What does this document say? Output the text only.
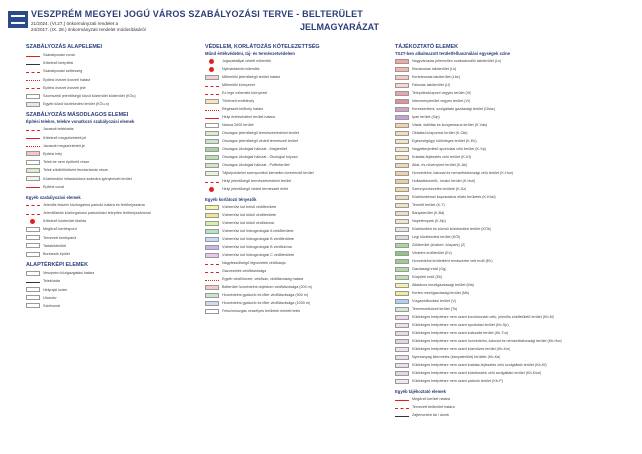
VESZPRÉM MEGYEI JOGÚ VÁROS SZABÁLYOZÁSI TERVE - BELTERÜLET
21/2024. (VI.27.) önkormányzati rendelet a
24/2017. (IX. 28.) önkormányzati rendelet módosításáról	JELMAGYARÁZAT
SZABÁLYOZÁS ALAPELEMEI
Szabályozási vonal
Kötelező beépítési
Szabályozási szélesség
Építési övezet övezeti határa
Építési övezet övezeti jele
Szomszédi jelentőségű közút közterület közterület (KÖu)
Egyéb közút közlekedési terület (KÖu-n)
SZABÁLYOZÁS MÁSODLAGOS ELEMEI
Építési telekre, telekre vonatkozó szabályozási elemek
Javasolt telekhatár
Kötelező megszüntetett jel
Javasolt megszüntetett jel
Építési hely
Telek be nem építhető része
Telek zöldfelületként fenntartandó része
Közlekedési infrastruktúra számára igénybevett terület
Építési vonal
Egyéb szabályozási elemek
Jelenlős felszíni közforgalmú parkoló határa és férőhelyszáma
Jelentlősebb közforgalomú parkolóházi telepítés férőhelyszámmal
Kötelező közterület fásítás
Megőrző kerítéspont
Tervezett kerékpárút
Tartalékterület
Bontandó épület
ALAPTÉRKÉPI ELEMEK
Veszprém közigazgatási határa
Telekhatár
Helyrajzi szám
Utcanév
Szintvonal
VÉDELEM, KORLÁTOZÁS KÖTELEZETTSÉG
Műnd értékvédelmi, táj- és természetvédelem
Jogszabállyal védett műemlék
Nyilvántartott műemlék
Műemléki jelentőségű terület határa
Műemléki környezet
Ex lege műemlék környezet
Történeti emlékhely
Régészeti lelőhely határa
Helyi értékvédelmi terület határa
Natura 2000 terület
Országos jelentőségű természetvédelmi terület
Országos jelentőségű védett természeti terület
Országos ökológiai hálózat - Magterület
Országos ökológiai hálózat - Ökológiai folyosó
Országos ökológiai hálózat - Pufferterület
Tájképvédelmi szempontból kiemelten kezelendő terület
Helyi jelentőségű természetvédelmi terület
Helyi jelentőségű védett természeti érték
Egyéb korlátozó tényezők
Vízbeművi kút belső védőterülete
Vízbeművi kút külső védőterülete
Vízbeművi kút külső védőidoma
Vízbeművi kút hidrogeológiai A védőterülete
Vízbeművi kút hidrogeológiai B védőterülete
Vízbeművi kút hidrogeológiai B védőidoma
Vízbeművi kút hidrogeológiai C védőterülete
Nagyfeszültségű légvezeték védősávja
Gázvezeték védőtávolsága
Egyéb védőövezet, védősáv, védőtávolság határa
Belterület honvédelmi objektum védőtávolsága (200 m)
Honvédelmi gyakorló és lőtér védőtávolsága (500 m)
Honvédelmi gyakorló és lőtér védőtávolsága (1000 m)
Felszínmozgás veszélyes területek érintett telek
TÁJÉKOZTATÓ ELEMEK
TSZT-ben alkalmazott területfelhasználási egységek színe
Nagyvárosias jellemzően szabadonálló lakóterület (Ln)
Kisvárosias lakóterület (Lk)
Kertvárosias lakóterület (Lke)
Falusias lakóterület (Lf)
Településközpont vegyes terület (Vt)
Intézményterület vegyes terület (Vi)
Kereskedelmi, szolgáltató gazdasági terület (Gksz)
Ipari terület (Gip)
Vásár, kiállítás és kongresszus terület (K-Vás)
Oktatási központok terület (K-Okt)
Egészségügyi különleges terület (K-Eü)
Nagykiterjedésű sportolási célú terület (K-Sp)
Kutatás-fejlesztés célú terület (K-Kf)
Állat- és növénykert terület (K-Ák)
Honvédelmi, katonai és nemzetbiztonsági célú terület (K-Hon)
Hulladékkezelő-, lerakó terület (K-Hull)
Szennyvízkezelés területe (K-Sz)
Közlekedéssel kapcsolatos ellátó területek (K-Közl)
Temető terület (K-T)
Bányaterület (K-Bá)
Napelempark (K-Np)
Közlekedési és közmű közlekedési terület (KÖk)
Légi közlekedési terület (KÖl)
Zöldterület (közkert, közpark) (Z)
Védelmi erdőterület (Ev)
Honvédelmi területként rendszerbe vett erdő (Eh)
Gazdasági erdő (Gg)
Közjóléti erdő (Ek)
Általános mezőgazdasági terület (Má)
Kertes mezőgazdasági terület (Mk)
Vízgazdálkodási terület (V)
Természetközeli terület (Tk)
Különleges beépítésre nem szánt kondícionáló célú, jelenlős zöldfelületű terület (Kb-Kt)
Különleges beépítésre nem szánt sportolási terület (Kb-Sp)
Különleges beépítésre nem szánt kulturális terület (Kb-Tur)
Különleges beépítésre nem szánt honvédelmi, katonai és nemzetbiztonsági terület (Kb-Hon)
Különleges beépítésre nem szánt közműves terület (Kb-Km)
Nyersanyag kitermelés (bányaterület) területe (Kb-Ká)
Különleges beépítésre nem szánt kutatás-fejlesztés célú szolgáltató terület (Kb-Kf)
Különleges beépítésre nem szánt közlekedési célú szolgáltató terület (Kb-Közl)
Különleges beépítésre nem szánt parkoló terület (Kb-P)
Egyéb tájékoztató elemek
Megőrző kerület határa
Tervezett belterület határa
Zajtervezési fal / domb
